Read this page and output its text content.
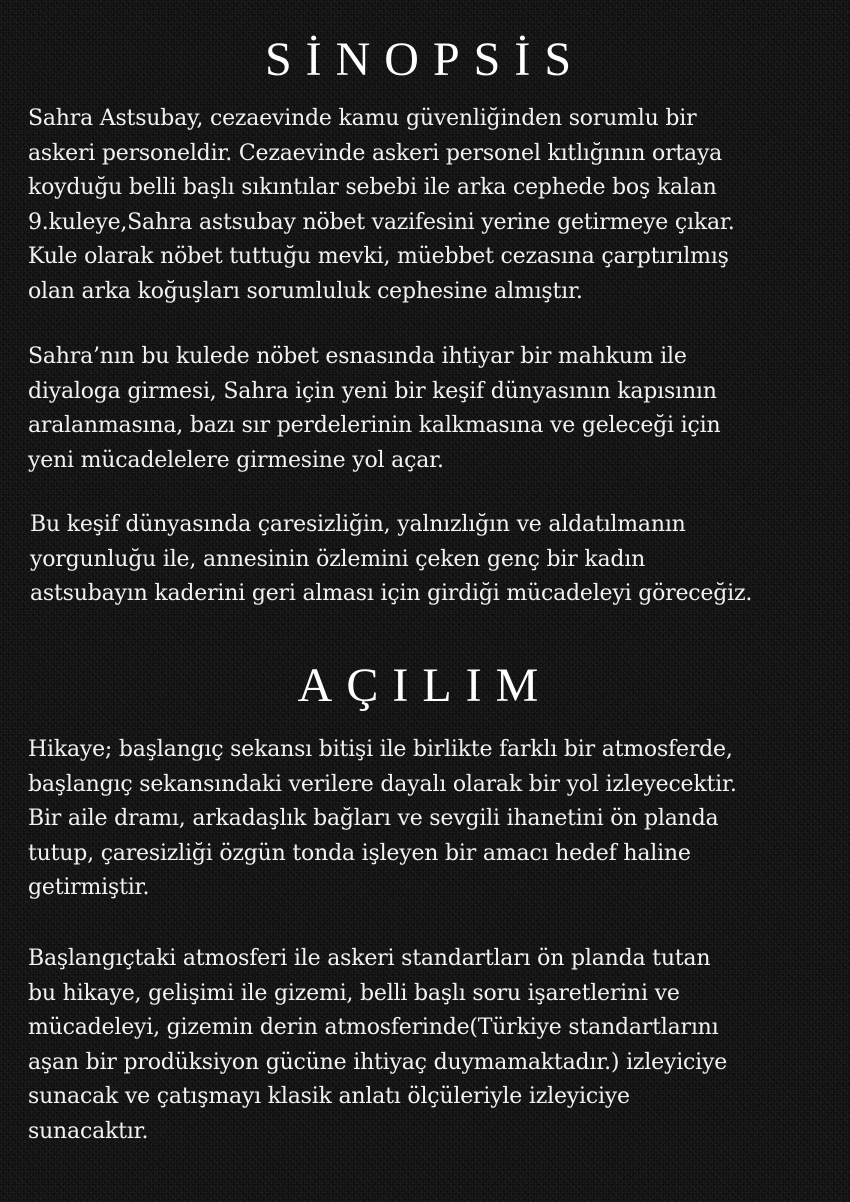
SİNOPSİS

Sahra Astsubay, cezaevinde kamu güvenliğinden sorumlu bir
askeri personeldir. Cezaevinde askeri personel kıtlığının ortaya
koyduğu belli başlı sıkıntılar sebebi ile arka cephede boş kalan
9.kuleye,Sahra astsubay nöbet vazifesini yerine getirmeye çıkar.
Kule olarak nöbet tuttuğu mevki, müebbet cezasına çarptırılmış
olan arka koğuşları sorumluluk cephesine almıştır.

Sahra’nın bu kulede nöbet esnasında ihtiyar bir mahkum ile
diyaloga girmesi, Sahra için yeni bir keşif dünyasının kapısının
aralanmasına, bazı sır perdelerinin kalkmasına ve geleceği için
yeni mücadelelere girmesine yol açar.

Bu keşif dünyasında çaresizliğin, yalnızlığın ve aldatılmanın
yorgunluğu ile, annesinin özlemini çeken genç bir kadın
astsubayın kaderini geri alması için girdiği mücadeleyi göreceğiz.

AÇILIM

Hikaye; başlangıç sekansı bitişi ile birlikte farklı bir atmosferde,
başlangıç sekansındaki verilere dayalı olarak bir yol izleyecektir.
Bir aile dramı, arkadaşlık bağları ve sevgili ihanetini ön planda
tutup, çaresizliği özgün tonda işleyen bir amacı hedef haline
getirmiştir.

Başlangıçtaki atmosferi ile askeri standartları ön planda tutan
bu hikaye, gelişimi ile gizemi, belli başlı soru işaretlerini ve
mücadeleyi, gizemin derin atmosferinde(Türkiye standartlarını
aşan bir prodüksiyon gücüne ihtiyaç duymamaktadır.) izleyiciye
sunacak ve çatışmayı klasik anlatı ölçüleriyle izleyiciye
sunacaktır.
